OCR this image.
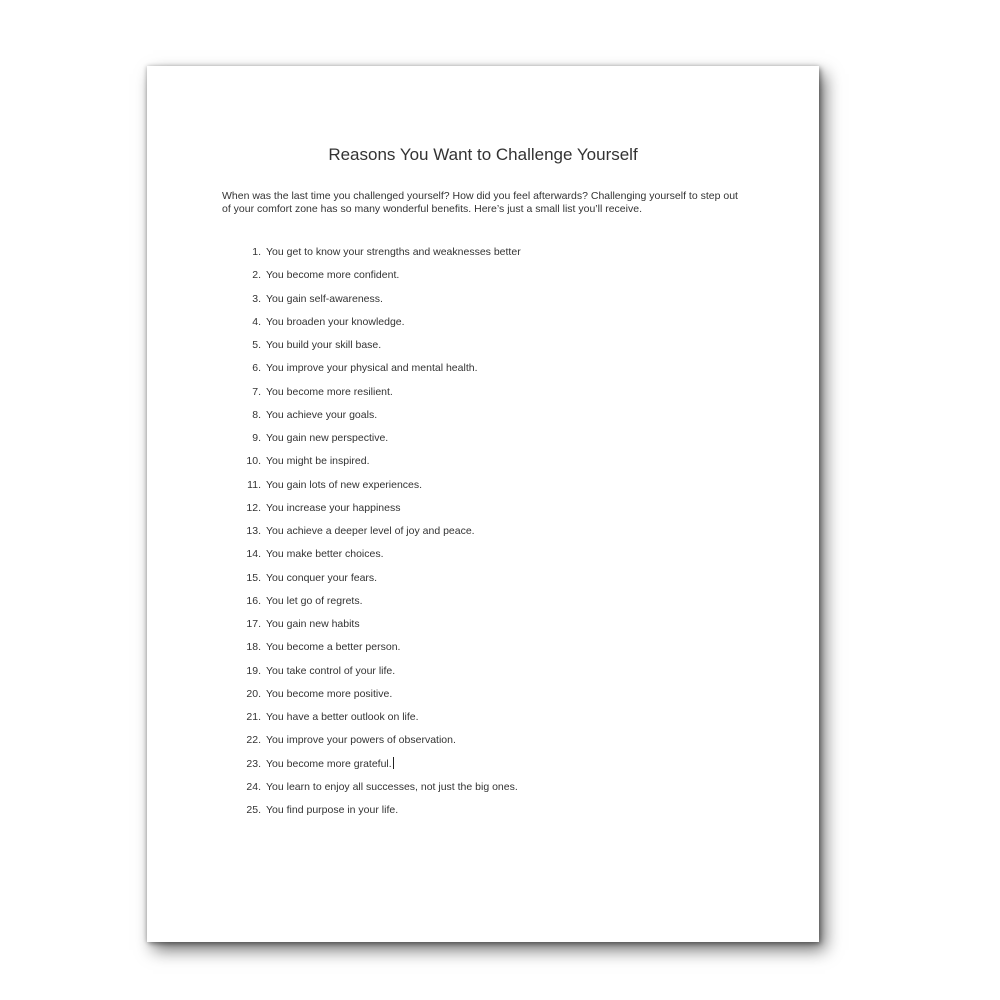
Reasons You Want to Challenge Yourself

When was the last time you challenged yourself? How did you feel afterwards? Challenging yourself to step out of your comfort zone has so many wonderful benefits. Here’s just a small list you’ll receive.

1. You get to know your strengths and weaknesses better
2. You become more confident.
3. You gain self-awareness.
4. You broaden your knowledge.
5. You build your skill base.
6. You improve your physical and mental health.
7. You become more resilient.
8. You achieve your goals.
9. You gain new perspective.
10. You might be inspired.
11. You gain lots of new experiences.
12. You increase your happiness
13. You achieve a deeper level of joy and peace.
14. You make better choices.
15. You conquer your fears.
16. You let go of regrets.
17. You gain new habits
18. You become a better person.
19. You take control of your life.
20. You become more positive.
21. You have a better outlook on life.
22. You improve your powers of observation.
23. You become more grateful.
24. You learn to enjoy all successes, not just the big ones.
25. You find purpose in your life.
